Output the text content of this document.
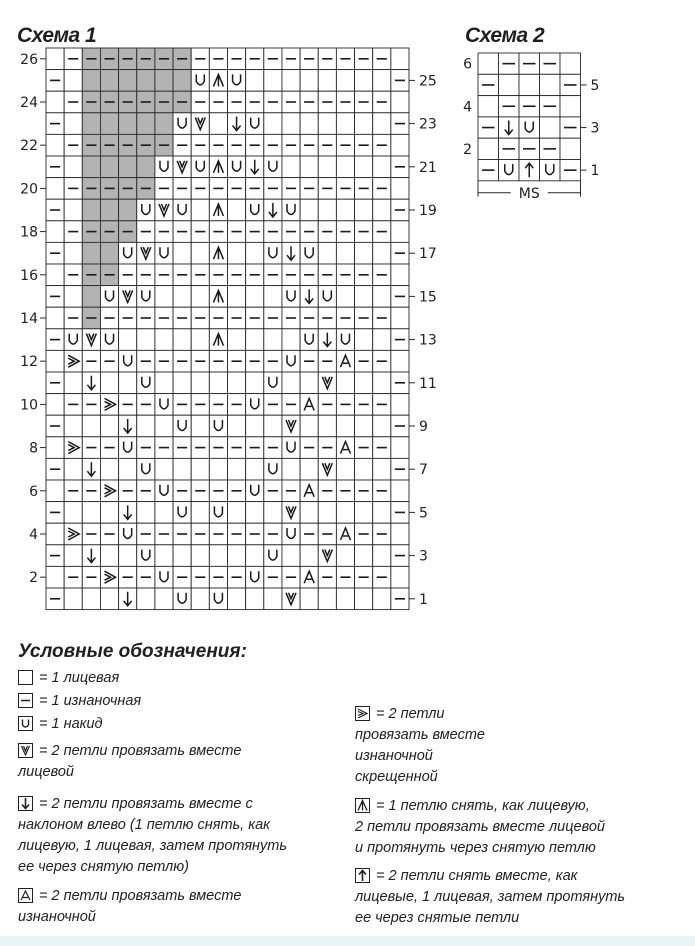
Схема 1	Схема 2
26
25
24
23
22
21
20
19
18
17
16
15
14
13
12
11
10
9
8
7
6
5
4
3
2
1
6
5
4
3
2
1
MS
Условные обозначения:
= 1 лицевая
= 1 изнаночная
= 1 накид
= 2 петли провязать вместе
лицевой
= 2 петли провязать вместе с
наклоном влево (1 петлю снять, как
лицевую, 1 лицевая, затем протянуть
ее через снятую петлю)
= 2 петли провязать вместе
изнаночной
= 2 петли
провязать вместе
изнаночной
скрещенной
= 1 петлю снять, как лицевую,
2 петли провязать вместе лицевой
и протянуть через снятую петлю
= 2 петли снять вместе, как
лицевые, 1 лицевая, затем протянуть
ее через снятые петли
